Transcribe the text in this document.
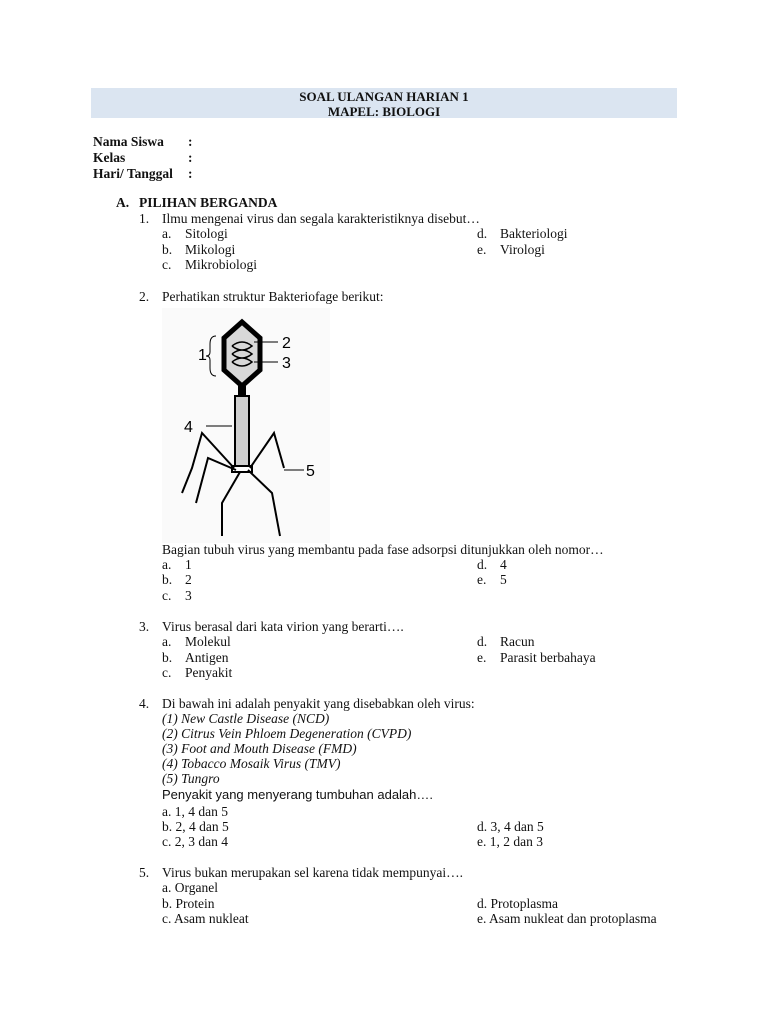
SOAL ULANGAN HARIAN 1
MAPEL: BIOLOGI
Nama Siswa	:
Kelas	:
Hari/ Tanggal	:
A. PILIHAN BERGANDA
1. Ilmu mengenai virus dan segala karakteristiknya disebut…
a. Sitologi
b. Mikologi
c. Mikrobiologi
d. Bakteriologi
e. Virologi
2. Perhatikan struktur Bakteriofage berikut:
1
2
3
4
5
Bagian tubuh virus yang membantu pada fase adsorpsi ditunjukkan oleh nomor…
a. 1
b. 2
c. 3
d. 4
e. 5
3. Virus berasal dari kata virion yang berarti….
a. Molekul
b. Antigen
c. Penyakit
d. Racun
e. Parasit berbahaya
4. Di bawah ini adalah penyakit yang disebabkan oleh virus:
(1) New Castle Disease (NCD)
(2) Citrus Vein Phloem Degeneration (CVPD)
(3) Foot and Mouth Disease (FMD)
(4) Tobacco Mosaik Virus (TMV)
(5) Tungro
Penyakit yang menyerang tumbuhan adalah….
a. 1, 4 dan 5
b. 2, 4 dan 5
c. 2, 3 dan 4
d. 3, 4 dan 5
e. 1, 2 dan 3
5. Virus bukan merupakan sel karena tidak mempunyai….
a. Organel
b. Protein
c. Asam nukleat
d. Protoplasma
e. Asam nukleat dan protoplasma
